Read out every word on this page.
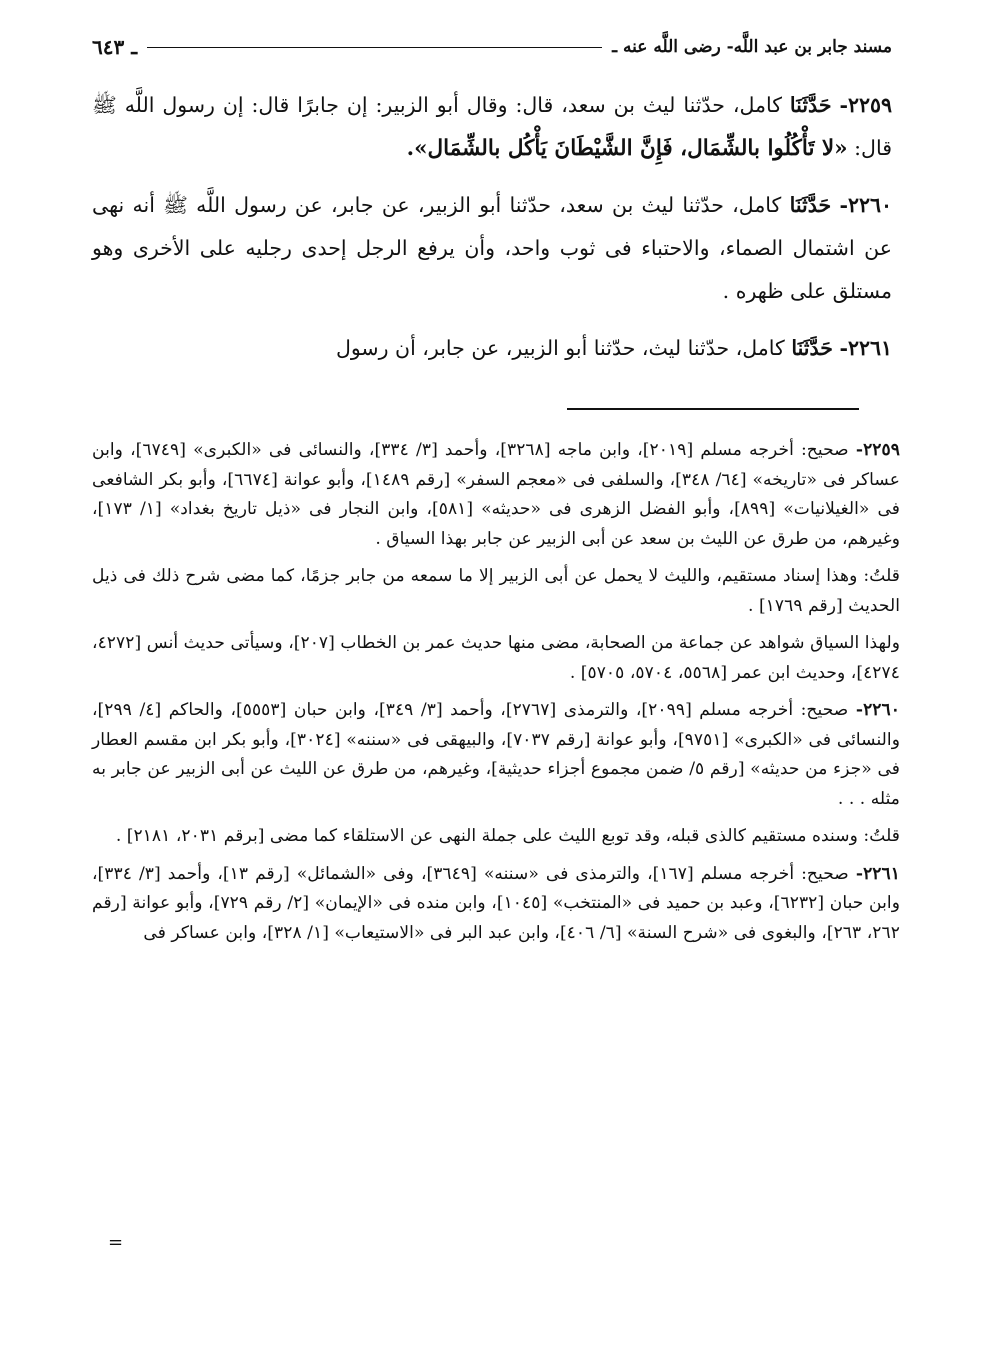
مسند جابر بن عبد اللَّه- رضى اللَّه عنه ـ
ـ ٦٤٣

٢٢٥٩- حَدَّثَنَا كامل، حدّثنا ليث بن سعد، قال: وقال أبو الزبير: إن جابرًا قال: إن رسول اللَّه ﷺ قال: «لا تَأْكُلُوا بالشِّمَال، فَإِنَّ الشَّيْطَانَ يَأْكُل بالشِّمَال».

٢٢٦٠- حَدَّثَنَا كامل، حدّثنا ليث بن سعد، حدّثنا أبو الزبير، عن جابر، عن رسول اللَّه ﷺ أنه نهى عن اشتمال الصماء، والاحتباء فى ثوب واحد، وأن يرفع الرجل إحدى رجليه على الأخرى وهو مستلق على ظهره .

٢٢٦١- حَدَّثَنَا كامل، حدّثنا ليث، حدّثنا أبو الزبير، عن جابر، أن رسول

٢٢٥٩- صحيح: أخرجه مسلم [٢٠١٩]، وابن ماجه [٣٢٦٨]، وأحمد [٣/ ٣٣٤]، والنسائى فى «الكبرى» [٦٧٤٩]، وابن عساكر فى «تاريخه» [٦٤/ ٣٤٨]، والسلفى فى «معجم السفر» [رقم ١٤٨٩]، وأبو عوانة [٦٦٧٤]، وأبو بكر الشافعى فى «الغيلانيات» [٨٩٩]، وأبو الفضل الزهرى فى «حديثه» [٥٨١]، وابن النجار فى «ذيل تاريخ بغداد» [١/ ١٧٣]، وغيرهم، من طرق عن الليث بن سعد عن أبى الزبير عن جابر بهذا السياق .

قلتُ: وهذا إسناد مستقيم، والليث لا يحمل عن أبى الزبير إلا ما سمعه من جابر جزمًا، كما مضى شرح ذلك فى ذيل الحديث [رقم ١٧٦٩] .

ولهذا السياق شواهد عن جماعة من الصحابة، مضى منها حديث عمر بن الخطاب [٢٠٧]، وسيأتى حديث أنس [٤٢٧٢، ٤٢٧٤]، وحديث ابن عمر [٥٥٦٨، ٥٧٠٤، ٥٧٠٥] .

٢٢٦٠- صحيح: أخرجه مسلم [٢٠٩٩]، والترمذى [٢٧٦٧]، وأحمد [٣/ ٣٤٩]، وابن حبان [٥٥٥٣]، والحاكم [٤/ ٢٩٩]، والنسائى فى «الكبرى» [٩٧٥١]، وأبو عوانة [رقم ٧٠٣٧]، والبيهقى فى «سننه» [٣٠٢٤]، وأبو بكر ابن مقسم العطار فى «جزء من حديثه» [رقم ٥/ ضمن مجموع أجزاء حديثية]، وغيرهم، من طرق عن الليث عن أبى الزبير عن جابر به مثله . . .

قلتُ: وسنده مستقيم كالذى قبله، وقد توبع الليث على جملة النهى عن الاستلقاء كما مضى [برقم ٢٠٣١، ٢١٨١] .

٢٢٦١- صحيح: أخرجه مسلم [١٦٧]، والترمذى فى «سننه» [٣٦٤٩]، وفى «الشمائل» [رقم ١٣]، وأحمد [٣/ ٣٣٤]، وابن حبان [٦٢٣٢]، وعبد بن حميد فى «المنتخب» [١٠٤٥]، وابن منده فى «الإيمان» [٢/ رقم ٧٢٩]، وأبو عوانة [رقم ٢٦٢، ٢٦٣]، والبغوى فى «شرح السنة» [٦/ ٤٠٦]، وابن عبد البر فى «الاستيعاب» [١/ ٣٢٨]، وابن عساكر فى

=
